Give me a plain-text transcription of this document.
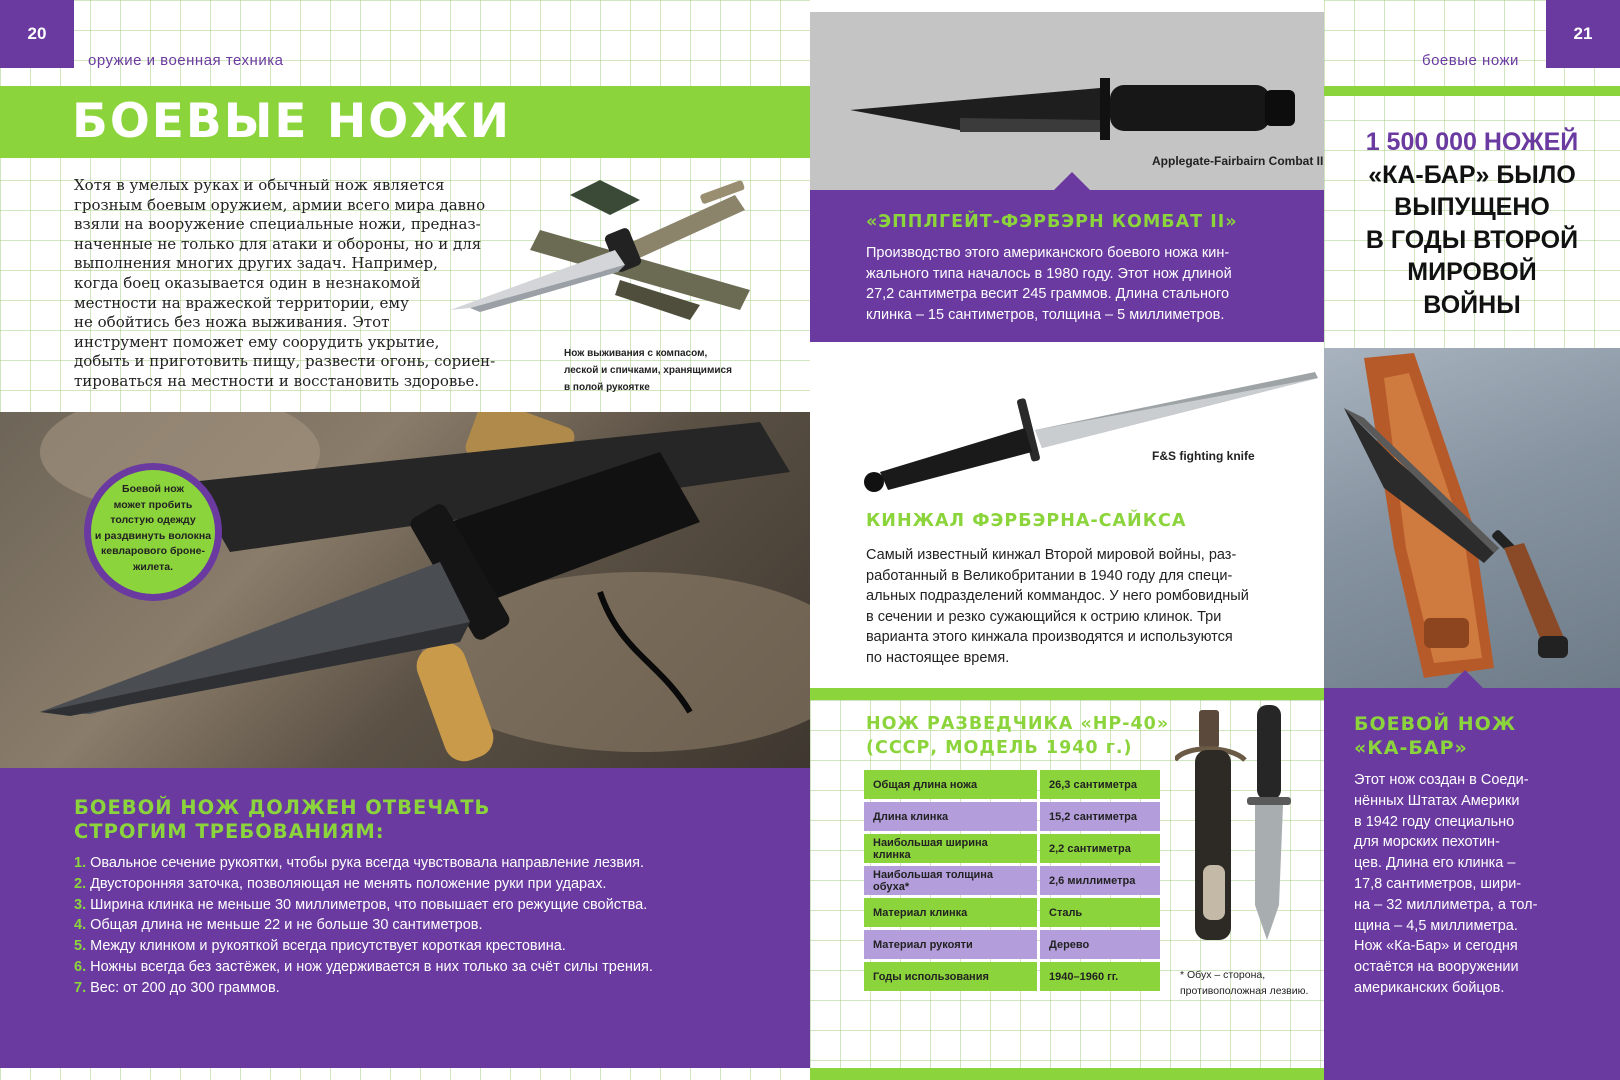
20
оружие и военная техника
БОЕВЫЕ НОЖИ
Хотя в умелых руках и обычный нож является
грозным боевым оружием, армии всего мира давно
взяли на вооружение специальные ножи, предназ-
наченные не только для атаки и обороны, но и для
выполнения многих других задач. Например,
когда боец оказывается один в незнакомой
местности на вражеской территории, ему
не обойтись без ножа выживания. Этот
инструмент поможет ему соорудить укрытие,
добыть и приготовить пищу, развести огонь, сориен-
тироваться на местности и восстановить здоровье.
Нож выживания с компасом,
леской и спичками, хранящимися
в полой рукоятке
Боевой нож
может пробить
толстую одежду
и раздвинуть волокна
кевларового броне-
жилета.
БОЕВОЙ НОЖ ДОЛЖЕН ОТВЕЧАТЬ
СТРОГИМ ТРЕБОВАНИЯМ:
1. Овальное сечение рукоятки, чтобы рука всегда чувствовала направление лезвия.
2. Двусторонняя заточка, позволяющая не менять положение руки при ударах.
3. Ширина клинка не меньше 30 миллиметров, что повышает его режущие свойства.
4. Общая длина не меньше 22 и не больше 30 сантиметров.
5. Между клинком и рукояткой всегда присутствует короткая крестовина.
6. Ножны всегда без застёжек, и нож удерживается в них только за счёт силы трения.
7. Вес: от 200 до 300 граммов.
Applegate-Fairbairn Combat II
«ЭППЛГЕЙТ-ФЭРБЭРН КОМБАТ II»
Производство этого американского боевого ножа кин-
жального типа началось в 1980 году. Этот нож длиной
27,2 сантиметра весит 245 граммов. Длина стального
клинка – 15 сантиметров, толщина – 5 миллиметров.
F&S fighting knife
КИНЖАЛ ФЭРБЭРНА-САЙКСА
Самый известный кинжал Второй мировой войны, раз-
работанный в Великобритании в 1940 году для специ-
альных подразделений коммандос. У него ромбовидный
в сечении и резко сужающийся к острию клинок. Три
варианта этого кинжала производятся и используются
по настоящее время.
НОЖ РАЗВЕДЧИКА «НР-40»
(СССР, МОДЕЛЬ 1940 г.)
Общая длина ножа	26,3 сантиметра
Длина клинка	15,2 сантиметра
Наибольшая ширина клинка	2,2 сантиметра
Наибольшая толщина обуха*	2,6 миллиметра
Материал клинка	Сталь
Материал рукояти	Дерево
Годы использования	1940–1960 гг.	* Обух – сторона,
противоположная лезвию.
боевые ножи
21
1 500 000 НОЖЕЙ
«КА-БАР» БЫЛО
ВЫПУЩЕНО
В ГОДЫ ВТОРОЙ
МИРОВОЙ
ВОЙНЫ
БОЕВОЙ НОЖ
«КА-БАР»
Этот нож создан в Соеди-
нённых Штатах Америки
в 1942 году специально
для морских пехотин-
цев. Длина его клинка –
17,8 сантиметров, шири-
на – 32 миллиметра, а тол-
щина – 4,5 миллиметра.
Нож «Ка-Бар» и сегодня
остаётся на вооружении
американских бойцов.
